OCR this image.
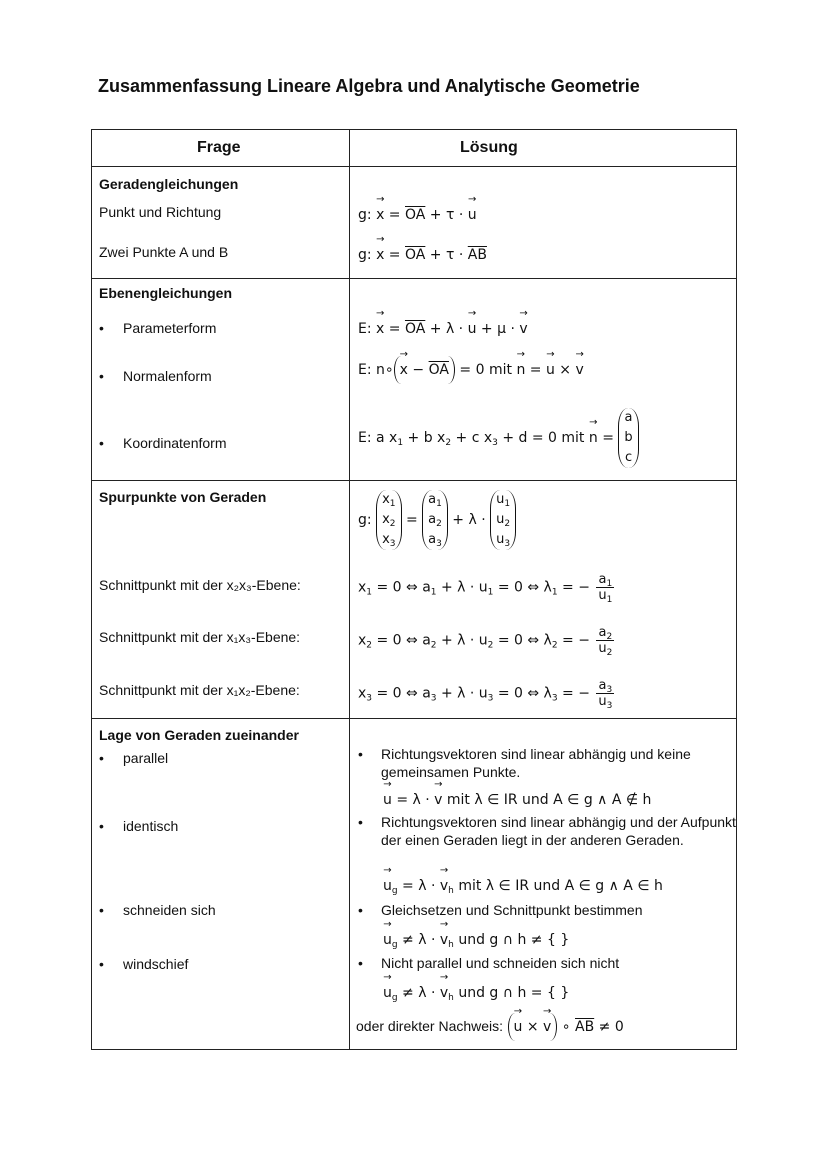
Zusammenfassung Lineare Algebra und Analytische Geometrie
Frage	Lösung
Geradengleichungen
Punkt und Richtung
Zwei Punkte A und B
g: → $x = \overline{OA} + \tau$ · → u
g: → $x = \overline{OA} + \tau \cdot \overline{AB}$
Ebenengleichungen
• Parameterform
• Normalenform
• Koordinatenform
E: → $x = \overline{OA} + \lambda$ · → u + μ · → v
E: n∘ → $x - \overline{OA} = 0$ mit → n = → u × → v
E: a $x_1 + b$ $x_2 + c$ $x_3 + d = 0$ mit → n =
a
b
c
Spurpunkte von Geraden
g:
$x_1$
$x_2$
$x_3$
=
$a_1$
$a_2$
$a_3$
+ λ ·
$u_1$
$u_2$
$u_3$
Schnittpunkt mit der x₂x₃-Ebene:
Schnittpunkt mit der x₁x₃-Ebene:
Schnittpunkt mit der x₁x₂-Ebene:
$x_1 = 0$ ⇔ $a_1 + \lambda \cdot u_1 = 0$ ⇔ $\lambda_1$ = − $\frac{a_1}{u_1}$
$x_2 = 0$ ⇔ $a_2 + \lambda \cdot u_2 = 0$ ⇔ $\lambda_2$ = − $\frac{a_2}{u_2}$
$x_3 = 0$ ⇔ $a_3 + \lambda \cdot u_3 = 0$ ⇔ $\lambda_3$ = − $\frac{a_3}{u_3}$
Lage von Geraden zueinander
• parallel
• identisch
• schneiden sich
• windschief
• Richtungsvektoren sind linear abhängig und keine gemeinsamen Punkte.
→ u = λ · → v mit λ ∈ IR und A ∈ g ∧ A ∉ h
• Richtungsvektoren sind linear abhängig und der Aufpunkt der einen Geraden liegt in der anderen Geraden.
→ $u_g = \lambda$ · → $v_h$ mit λ ∈ IR und A ∈ g ∧ A ∈ h
• Gleichsetzen und Schnittpunkt bestimmen
→ $u_g \ne \lambda$ · → $v_h$ und g ∩ h ≠ { }
• Nicht parallel und schneiden sich nicht
→ $u_g \ne \lambda$ · → $v_h$ und g ∩ h = { }
oder direkter Nachweis: → u × → v ∘ $\overline{AB} \ne 0$
